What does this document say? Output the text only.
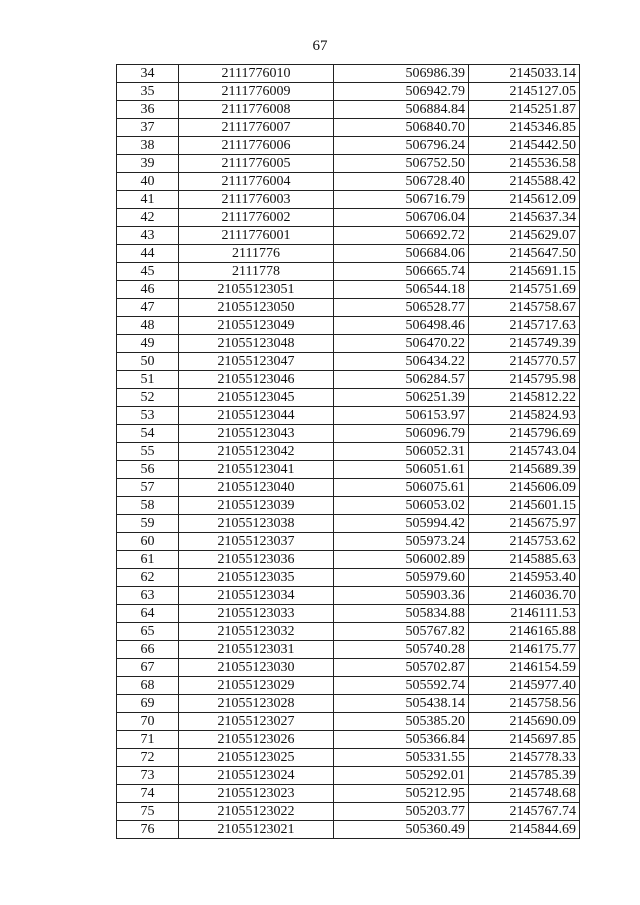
67
34	2111776010	506986.39	2145033.14
35	2111776009	506942.79	2145127.05
36	2111776008	506884.84	2145251.87
37	2111776007	506840.70	2145346.85
38	2111776006	506796.24	2145442.50
39	2111776005	506752.50	2145536.58
40	2111776004	506728.40	2145588.42
41	2111776003	506716.79	2145612.09
42	2111776002	506706.04	2145637.34
43	2111776001	506692.72	2145629.07
44	2111776	506684.06	2145647.50
45	2111778	506665.74	2145691.15
46	21055123051	506544.18	2145751.69
47	21055123050	506528.77	2145758.67
48	21055123049	506498.46	2145717.63
49	21055123048	506470.22	2145749.39
50	21055123047	506434.22	2145770.57
51	21055123046	506284.57	2145795.98
52	21055123045	506251.39	2145812.22
53	21055123044	506153.97	2145824.93
54	21055123043	506096.79	2145796.69
55	21055123042	506052.31	2145743.04
56	21055123041	506051.61	2145689.39
57	21055123040	506075.61	2145606.09
58	21055123039	506053.02	2145601.15
59	21055123038	505994.42	2145675.97
60	21055123037	505973.24	2145753.62
61	21055123036	506002.89	2145885.63
62	21055123035	505979.60	2145953.40
63	21055123034	505903.36	2146036.70
64	21055123033	505834.88	2146111.53
65	21055123032	505767.82	2146165.88
66	21055123031	505740.28	2146175.77
67	21055123030	505702.87	2146154.59
68	21055123029	505592.74	2145977.40
69	21055123028	505438.14	2145758.56
70	21055123027	505385.20	2145690.09
71	21055123026	505366.84	2145697.85
72	21055123025	505331.55	2145778.33
73	21055123024	505292.01	2145785.39
74	21055123023	505212.95	2145748.68
75	21055123022	505203.77	2145767.74
76	21055123021	505360.49	2145844.69
